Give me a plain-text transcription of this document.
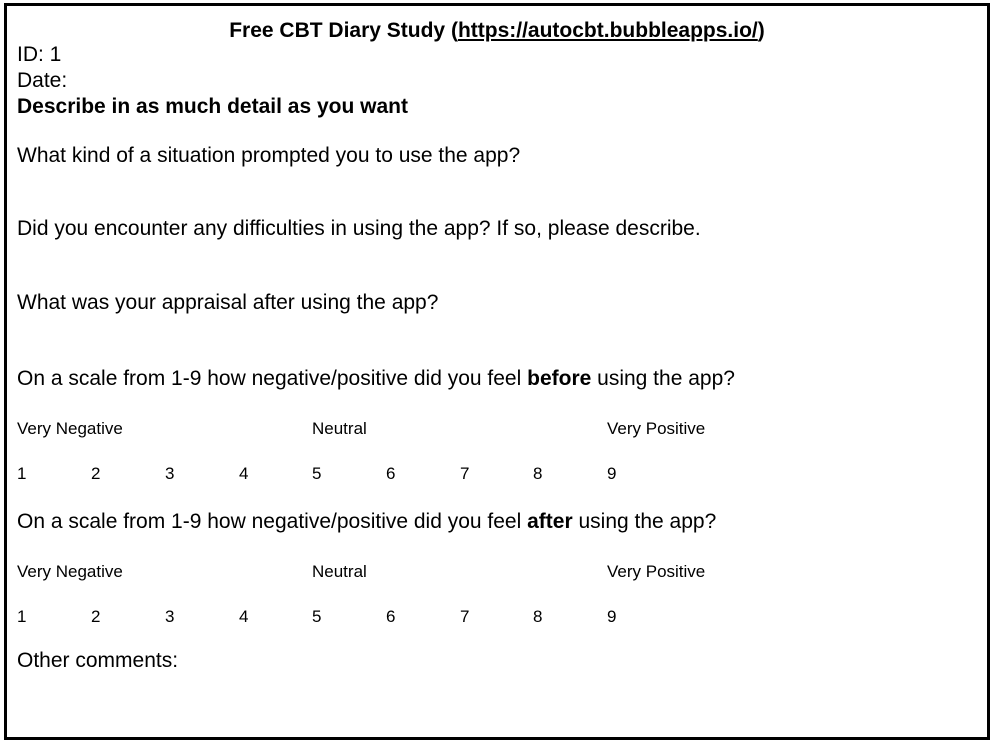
Free CBT Diary Study (https://autocbt.bubbleapps.io/)
ID: 1
Date:
Describe in as much detail as you want
What kind of a situation prompted you to use the app?
Did you encounter any difficulties in using the app? If so, please describe.
What was your appraisal after using the app?
On a scale from 1-9 how negative/positive did you feel before using the app?
Very Negative	Neutral	Very Positive
1	2	3	4	5	6	7	8	9
On a scale from 1-9 how negative/positive did you feel after using the app?
Very Negative	Neutral	Very Positive
1	2	3	4	5	6	7	8	9
Other comments:
